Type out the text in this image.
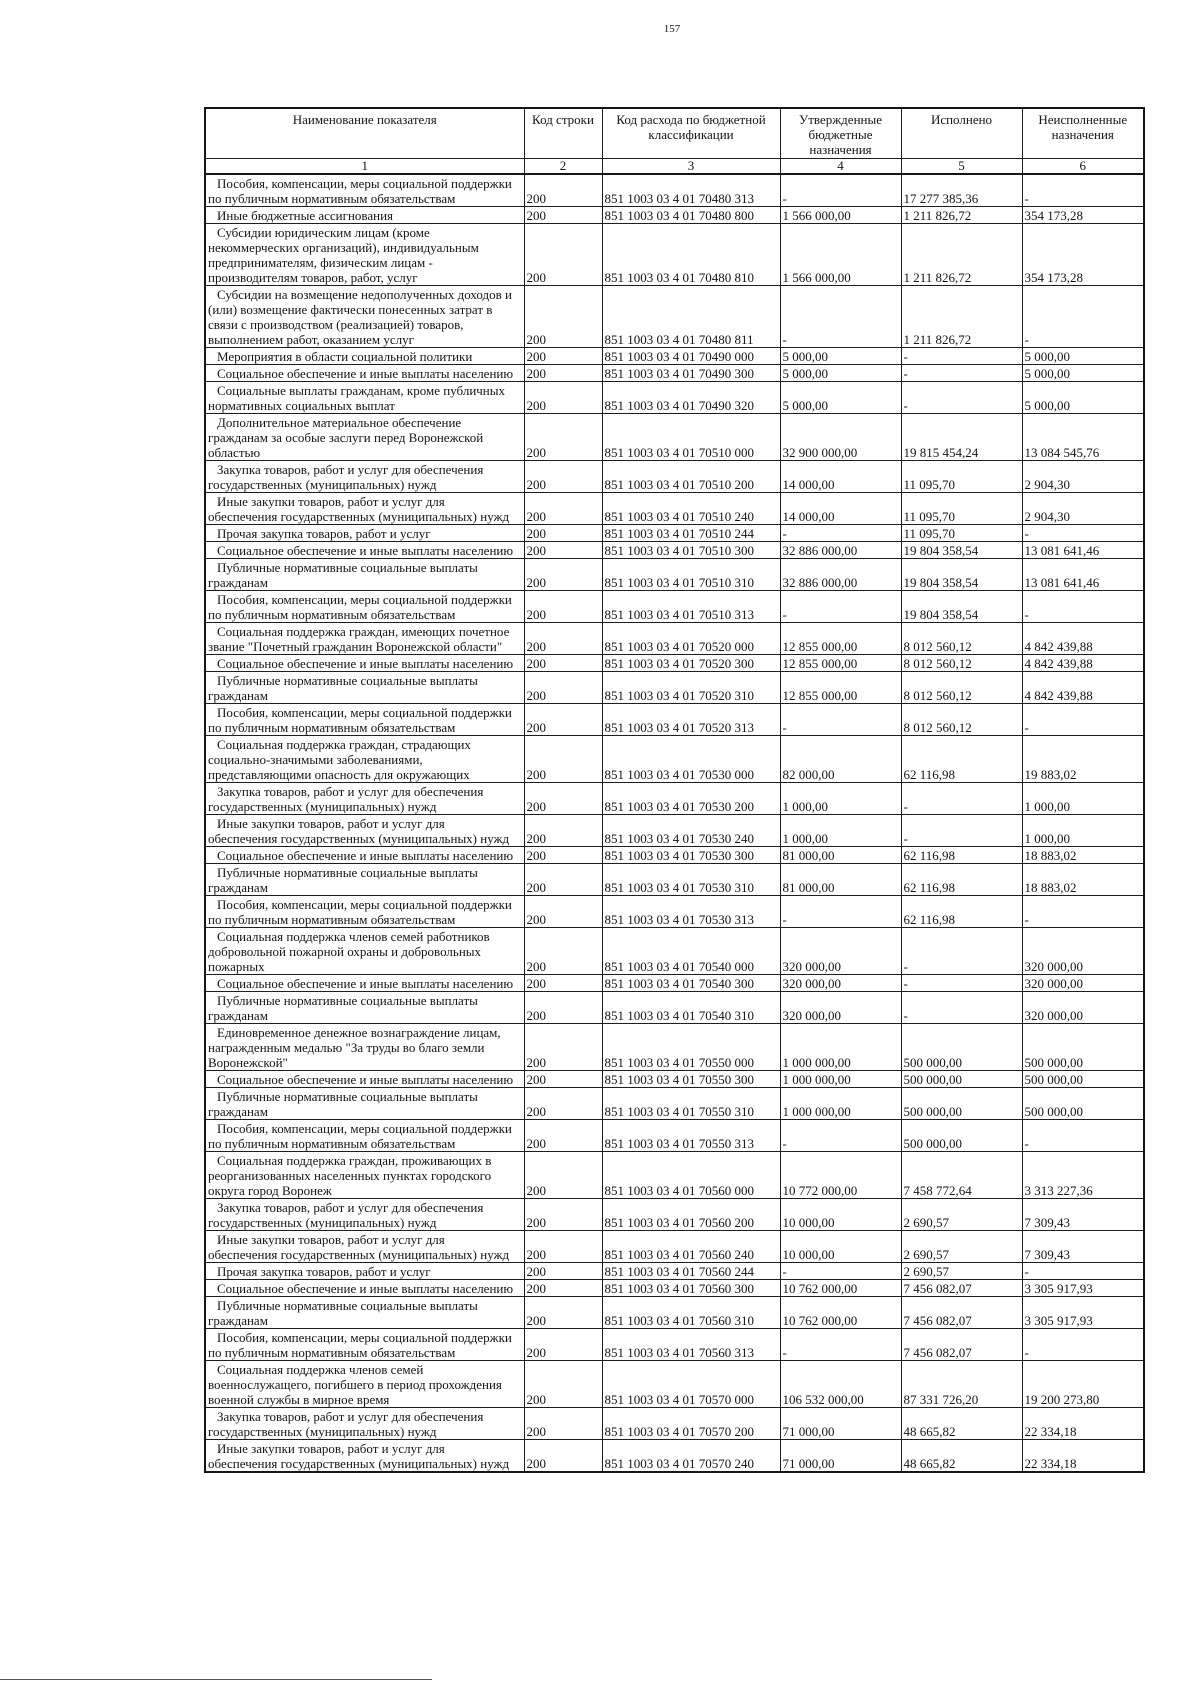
157
Наименование показателя	Код строки	Код расхода по бюджетной классификации	Утвержденные бюджетные назначения	Исполнено	Неисполненные назначения
1	2	3	4	5	6

Пособия, компенсации, меры социальной поддержки
по публичным нормативным обязательствам	200	851 1003 03 4 01 70480 313	-	17 277 385,36	-

Иные бюджетные ассигнования	200	851 1003 03 4 01 70480 800	1 566 000,00	1 211 826,72	354 173,28

Субсидии юридическим лицам (кроме
некоммерческих организаций), индивидуальным
предпринимателям, физическим лицам -
производителям товаров, работ, услуг	200	851 1003 03 4 01 70480 810	1 566 000,00	1 211 826,72	354 173,28

Субсидии на возмещение недополученных доходов и
(или) возмещение фактически понесенных затрат в
связи с производством (реализацией) товаров,
выполнением работ, оказанием услуг	200	851 1003 03 4 01 70480 811	-	1 211 826,72	-

Мероприятия в области социальной политики	200	851 1003 03 4 01 70490 000	5 000,00	-	5 000,00

Социальное обеспечение и иные выплаты населению	200	851 1003 03 4 01 70490 300	5 000,00	-	5 000,00

Социальные выплаты гражданам, кроме публичных
нормативных социальных выплат	200	851 1003 03 4 01 70490 320	5 000,00	-	5 000,00

Дополнительное материальное обеспечение
гражданам за особые заслуги перед Воронежской
областью	200	851 1003 03 4 01 70510 000	32 900 000,00	19 815 454,24	13 084 545,76

Закупка товаров, работ и услуг для обеспечения
государственных (муниципальных) нужд	200	851 1003 03 4 01 70510 200	14 000,00	11 095,70	2 904,30

Иные закупки товаров, работ и услуг для
обеспечения государственных (муниципальных) нужд	200	851 1003 03 4 01 70510 240	14 000,00	11 095,70	2 904,30

Прочая закупка товаров, работ и услуг	200	851 1003 03 4 01 70510 244	-	11 095,70	-

Социальное обеспечение и иные выплаты населению	200	851 1003 03 4 01 70510 300	32 886 000,00	19 804 358,54	13 081 641,46

Публичные нормативные социальные выплаты
гражданам	200	851 1003 03 4 01 70510 310	32 886 000,00	19 804 358,54	13 081 641,46

Пособия, компенсации, меры социальной поддержки
по публичным нормативным обязательствам	200	851 1003 03 4 01 70510 313	-	19 804 358,54	-

Социальная поддержка граждан, имеющих почетное
звание "Почетный гражданин Воронежской области"	200	851 1003 03 4 01 70520 000	12 855 000,00	8 012 560,12	4 842 439,88

Социальное обеспечение и иные выплаты населению	200	851 1003 03 4 01 70520 300	12 855 000,00	8 012 560,12	4 842 439,88

Публичные нормативные социальные выплаты
гражданам	200	851 1003 03 4 01 70520 310	12 855 000,00	8 012 560,12	4 842 439,88

Пособия, компенсации, меры социальной поддержки
по публичным нормативным обязательствам	200	851 1003 03 4 01 70520 313	-	8 012 560,12	-

Социальная поддержка граждан, страдающих
социально-значимыми заболеваниями,
представляющими опасность для окружающих	200	851 1003 03 4 01 70530 000	82 000,00	62 116,98	19 883,02

Закупка товаров, работ и услуг для обеспечения
государственных (муниципальных) нужд	200	851 1003 03 4 01 70530 200	1 000,00	-	1 000,00

Иные закупки товаров, работ и услуг для
обеспечения государственных (муниципальных) нужд	200	851 1003 03 4 01 70530 240	1 000,00	-	1 000,00

Социальное обеспечение и иные выплаты населению	200	851 1003 03 4 01 70530 300	81 000,00	62 116,98	18 883,02

Публичные нормативные социальные выплаты
гражданам	200	851 1003 03 4 01 70530 310	81 000,00	62 116,98	18 883,02

Пособия, компенсации, меры социальной поддержки
по публичным нормативным обязательствам	200	851 1003 03 4 01 70530 313	-	62 116,98	-

Социальная поддержка членов семей работников
добровольной пожарной охраны и добровольных
пожарных	200	851 1003 03 4 01 70540 000	320 000,00	-	320 000,00

Социальное обеспечение и иные выплаты населению	200	851 1003 03 4 01 70540 300	320 000,00	-	320 000,00

Публичные нормативные социальные выплаты
гражданам	200	851 1003 03 4 01 70540 310	320 000,00	-	320 000,00

Единовременное денежное вознаграждение лицам,
награжденным медалью "За труды во благо земли
Воронежской"	200	851 1003 03 4 01 70550 000	1 000 000,00	500 000,00	500 000,00

Социальное обеспечение и иные выплаты населению	200	851 1003 03 4 01 70550 300	1 000 000,00	500 000,00	500 000,00

Публичные нормативные социальные выплаты
гражданам	200	851 1003 03 4 01 70550 310	1 000 000,00	500 000,00	500 000,00

Пособия, компенсации, меры социальной поддержки
по публичным нормативным обязательствам	200	851 1003 03 4 01 70550 313	-	500 000,00	-

Социальная поддержка граждан, проживающих в
реорганизованных населенных пунктах городского
округа город Воронеж	200	851 1003 03 4 01 70560 000	10 772 000,00	7 458 772,64	3 313 227,36

Закупка товаров, работ и услуг для обеспечения
государственных (муниципальных) нужд	200	851 1003 03 4 01 70560 200	10 000,00	2 690,57	7 309,43

Иные закупки товаров, работ и услуг для
обеспечения государственных (муниципальных) нужд	200	851 1003 03 4 01 70560 240	10 000,00	2 690,57	7 309,43

Прочая закупка товаров, работ и услуг	200	851 1003 03 4 01 70560 244	-	2 690,57	-

Социальное обеспечение и иные выплаты населению	200	851 1003 03 4 01 70560 300	10 762 000,00	7 456 082,07	3 305 917,93

Публичные нормативные социальные выплаты
гражданам	200	851 1003 03 4 01 70560 310	10 762 000,00	7 456 082,07	3 305 917,93

Пособия, компенсации, меры социальной поддержки
по публичным нормативным обязательствам	200	851 1003 03 4 01 70560 313	-	7 456 082,07	-

Социальная поддержка членов семей
военнослужащего, погибшего в период прохождения
военной службы в мирное время	200	851 1003 03 4 01 70570 000	106 532 000,00	87 331 726,20	19 200 273,80

Закупка товаров, работ и услуг для обеспечения
государственных (муниципальных) нужд	200	851 1003 03 4 01 70570 200	71 000,00	48 665,82	22 334,18

Иные закупки товаров, работ и услуг для
обеспечения государственных (муниципальных) нужд	200	851 1003 03 4 01 70570 240	71 000,00	48 665,82	22 334,18
